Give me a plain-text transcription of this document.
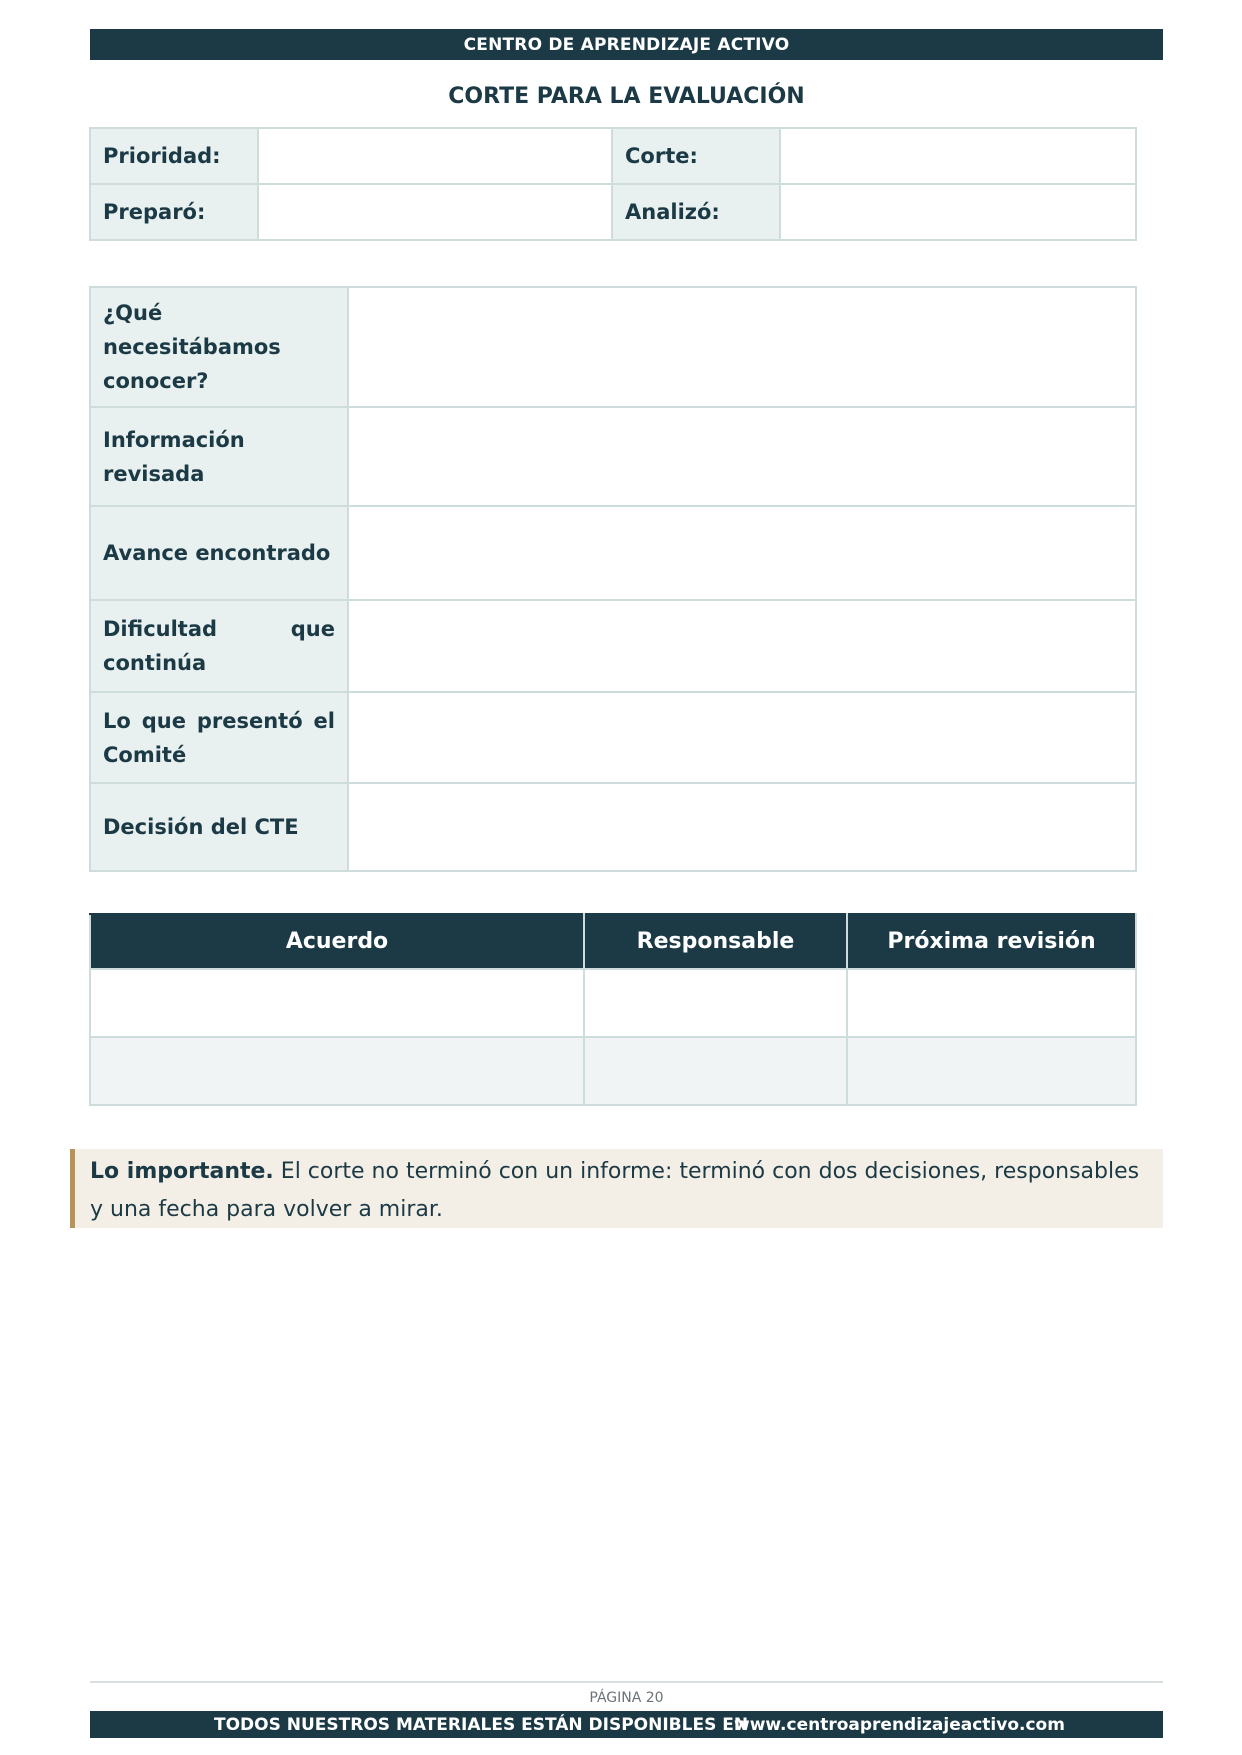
CENTRO DE APRENDIZAJE ACTIVO
CORTE PARA LA EVALUACIÓN
Prioridad:		Corte:	
Preparó:		Analizó:	
¿Qué necesitábamos conocer?	
Información revisada	
Avance encontrado	
Dificultad que continúa	
Lo que presentó el Comité	
Decisión del CTE	
Acuerdo	Responsable	Próxima revisión

Lo importante. El corte no terminó con un informe: terminó con dos decisiones, responsables y una fecha para volver a mirar.
PÁGINA 20
TODOS NUESTROS MATERIALES ESTÁN DISPONIBLES EN
www.centroaprendizajeactivo.com
